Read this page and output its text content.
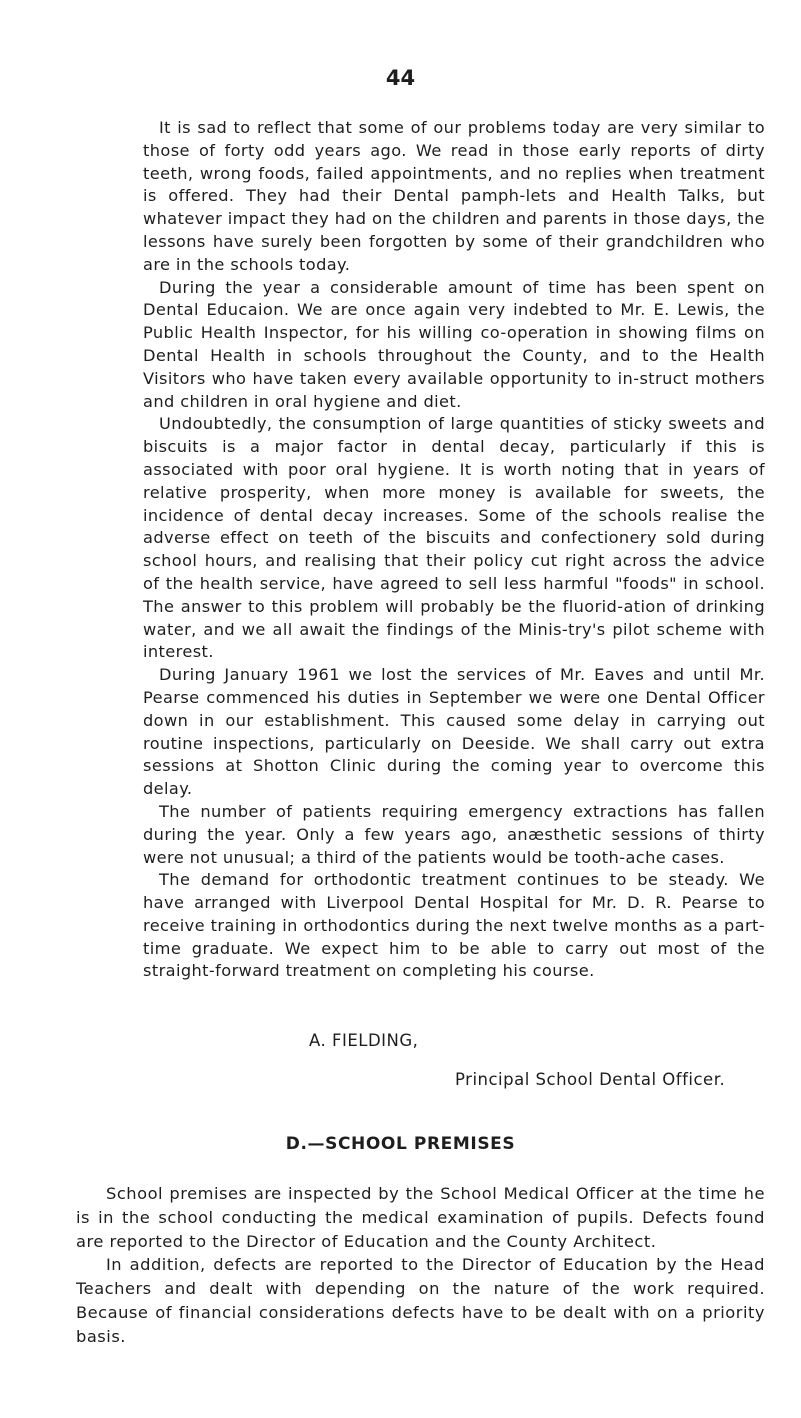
44

It is sad to reflect that some of our problems today are very similar to those of forty odd years ago. We read in those early reports of dirty teeth, wrong foods, failed appointments, and no replies when treatment is offered. They had their Dental pamph-lets and Health Talks, but whatever impact they had on the children and parents in those days, the lessons have surely been forgotten by some of their grandchildren who are in the schools today.

During the year a considerable amount of time has been spent on Dental Educaion. We are once again very indebted to Mr. E. Lewis, the Public Health Inspector, for his willing co-operation in showing films on Dental Health in schools throughout the County, and to the Health Visitors who have taken every available opportunity to in-struct mothers and children in oral hygiene and diet.

Undoubtedly, the consumption of large quantities of sticky sweets and biscuits is a major factor in dental decay, particularly if this is associated with poor oral hygiene. It is worth noting that in years of relative prosperity, when more money is available for sweets, the incidence of dental decay increases. Some of the schools realise the adverse effect on teeth of the biscuits and confectionery sold during school hours, and realising that their policy cut right across the advice of the health service, have agreed to sell less harmful "foods" in school. The answer to this problem will probably be the fluorid-ation of drinking water, and we all await the findings of the Minis-try's pilot scheme with interest.

During January 1961 we lost the services of Mr. Eaves and until Mr. Pearse commenced his duties in September we were one Dental Officer down in our establishment. This caused some delay in carrying out routine inspections, particularly on Deeside. We shall carry out extra sessions at Shotton Clinic during the coming year to overcome this delay.

The number of patients requiring emergency extractions has fallen during the year. Only a few years ago, anæsthetic sessions of thirty were not unusual; a third of the patients would be tooth-ache cases.

The demand for orthodontic treatment continues to be steady. We have arranged with Liverpool Dental Hospital for Mr. D. R. Pearse to receive training in orthodontics during the next twelve months as a part-time graduate. We expect him to be able to carry out most of the straight-forward treatment on completing his course.

A. FIELDING,
Principal School Dental Officer.
D.—SCHOOL PREMISES

School premises are inspected by the School Medical Officer at the time he is in the school conducting the medical examination of pupils. Defects found are reported to the Director of Education and the County Architect.

In addition, defects are reported to the Director of Education by the Head Teachers and dealt with depending on the nature of the work required. Because of financial considerations defects have to be dealt with on a priority basis.
